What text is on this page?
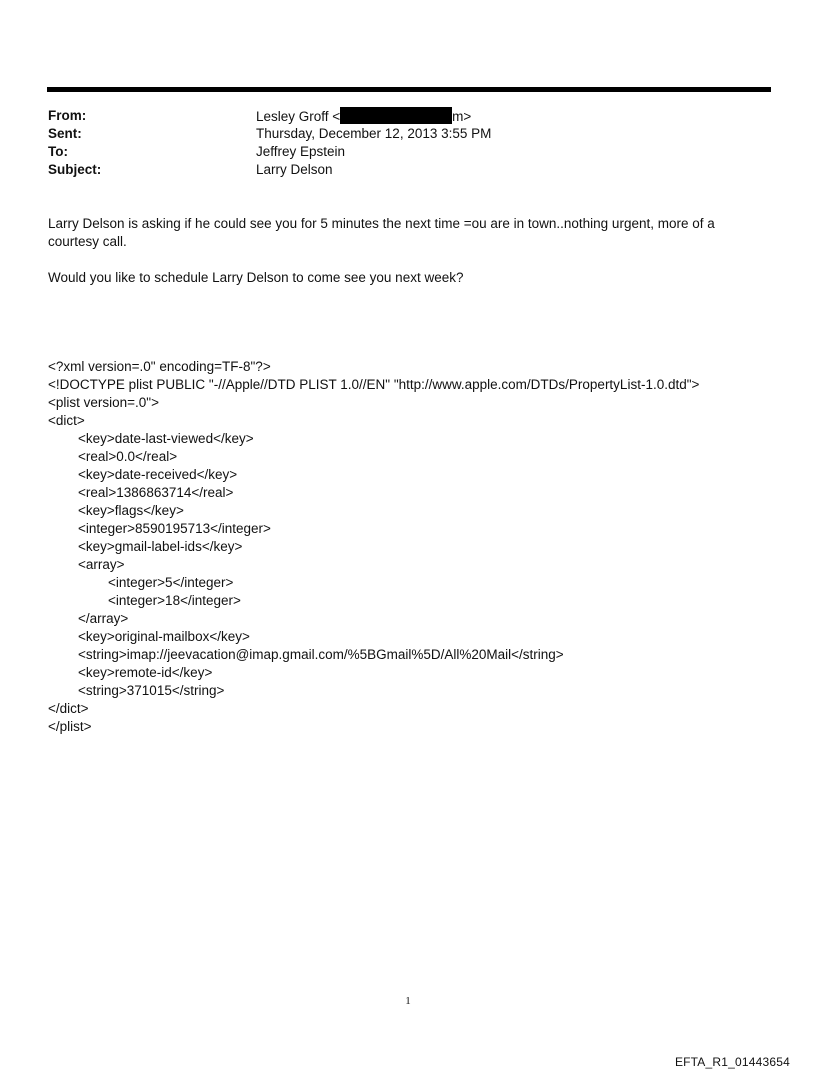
From:	Lesley Groff <	m>
Sent:	Thursday, December 12, 2013 3:55 PM
To:	Jeffrey Epstein
Subject:	Larry Delson
Larry Delson is asking if he could see you for 5 minutes the next time =ou are in town..nothing urgent, more of a
courtesy call.
Would you like to schedule Larry Delson to come see you next week?
<?xml version=.0" encoding=TF-8"?>
<!DOCTYPE plist PUBLIC "-//Apple//DTD PLIST 1.0//EN" "http://www.apple.com/DTDs/PropertyList-1.0.dtd">
<plist version=.0">
<dict>
<key>date-last-viewed</key>
<real>0.0</real>
<key>date-received</key>
<real>1386863714</real>
<key>flags</key>
<integer>8590195713</integer>
<key>gmail-label-ids</key>
<array>
<integer>5</integer>
<integer>18</integer>
</array>
<key>original-mailbox</key>
<string>imap://jeevacation@imap.gmail.com/%5BGmail%5D/All%20Mail</string>
<key>remote-id</key>
<string>371015</string>
</dict>
</plist>
1
EFTA_R1_01443654
